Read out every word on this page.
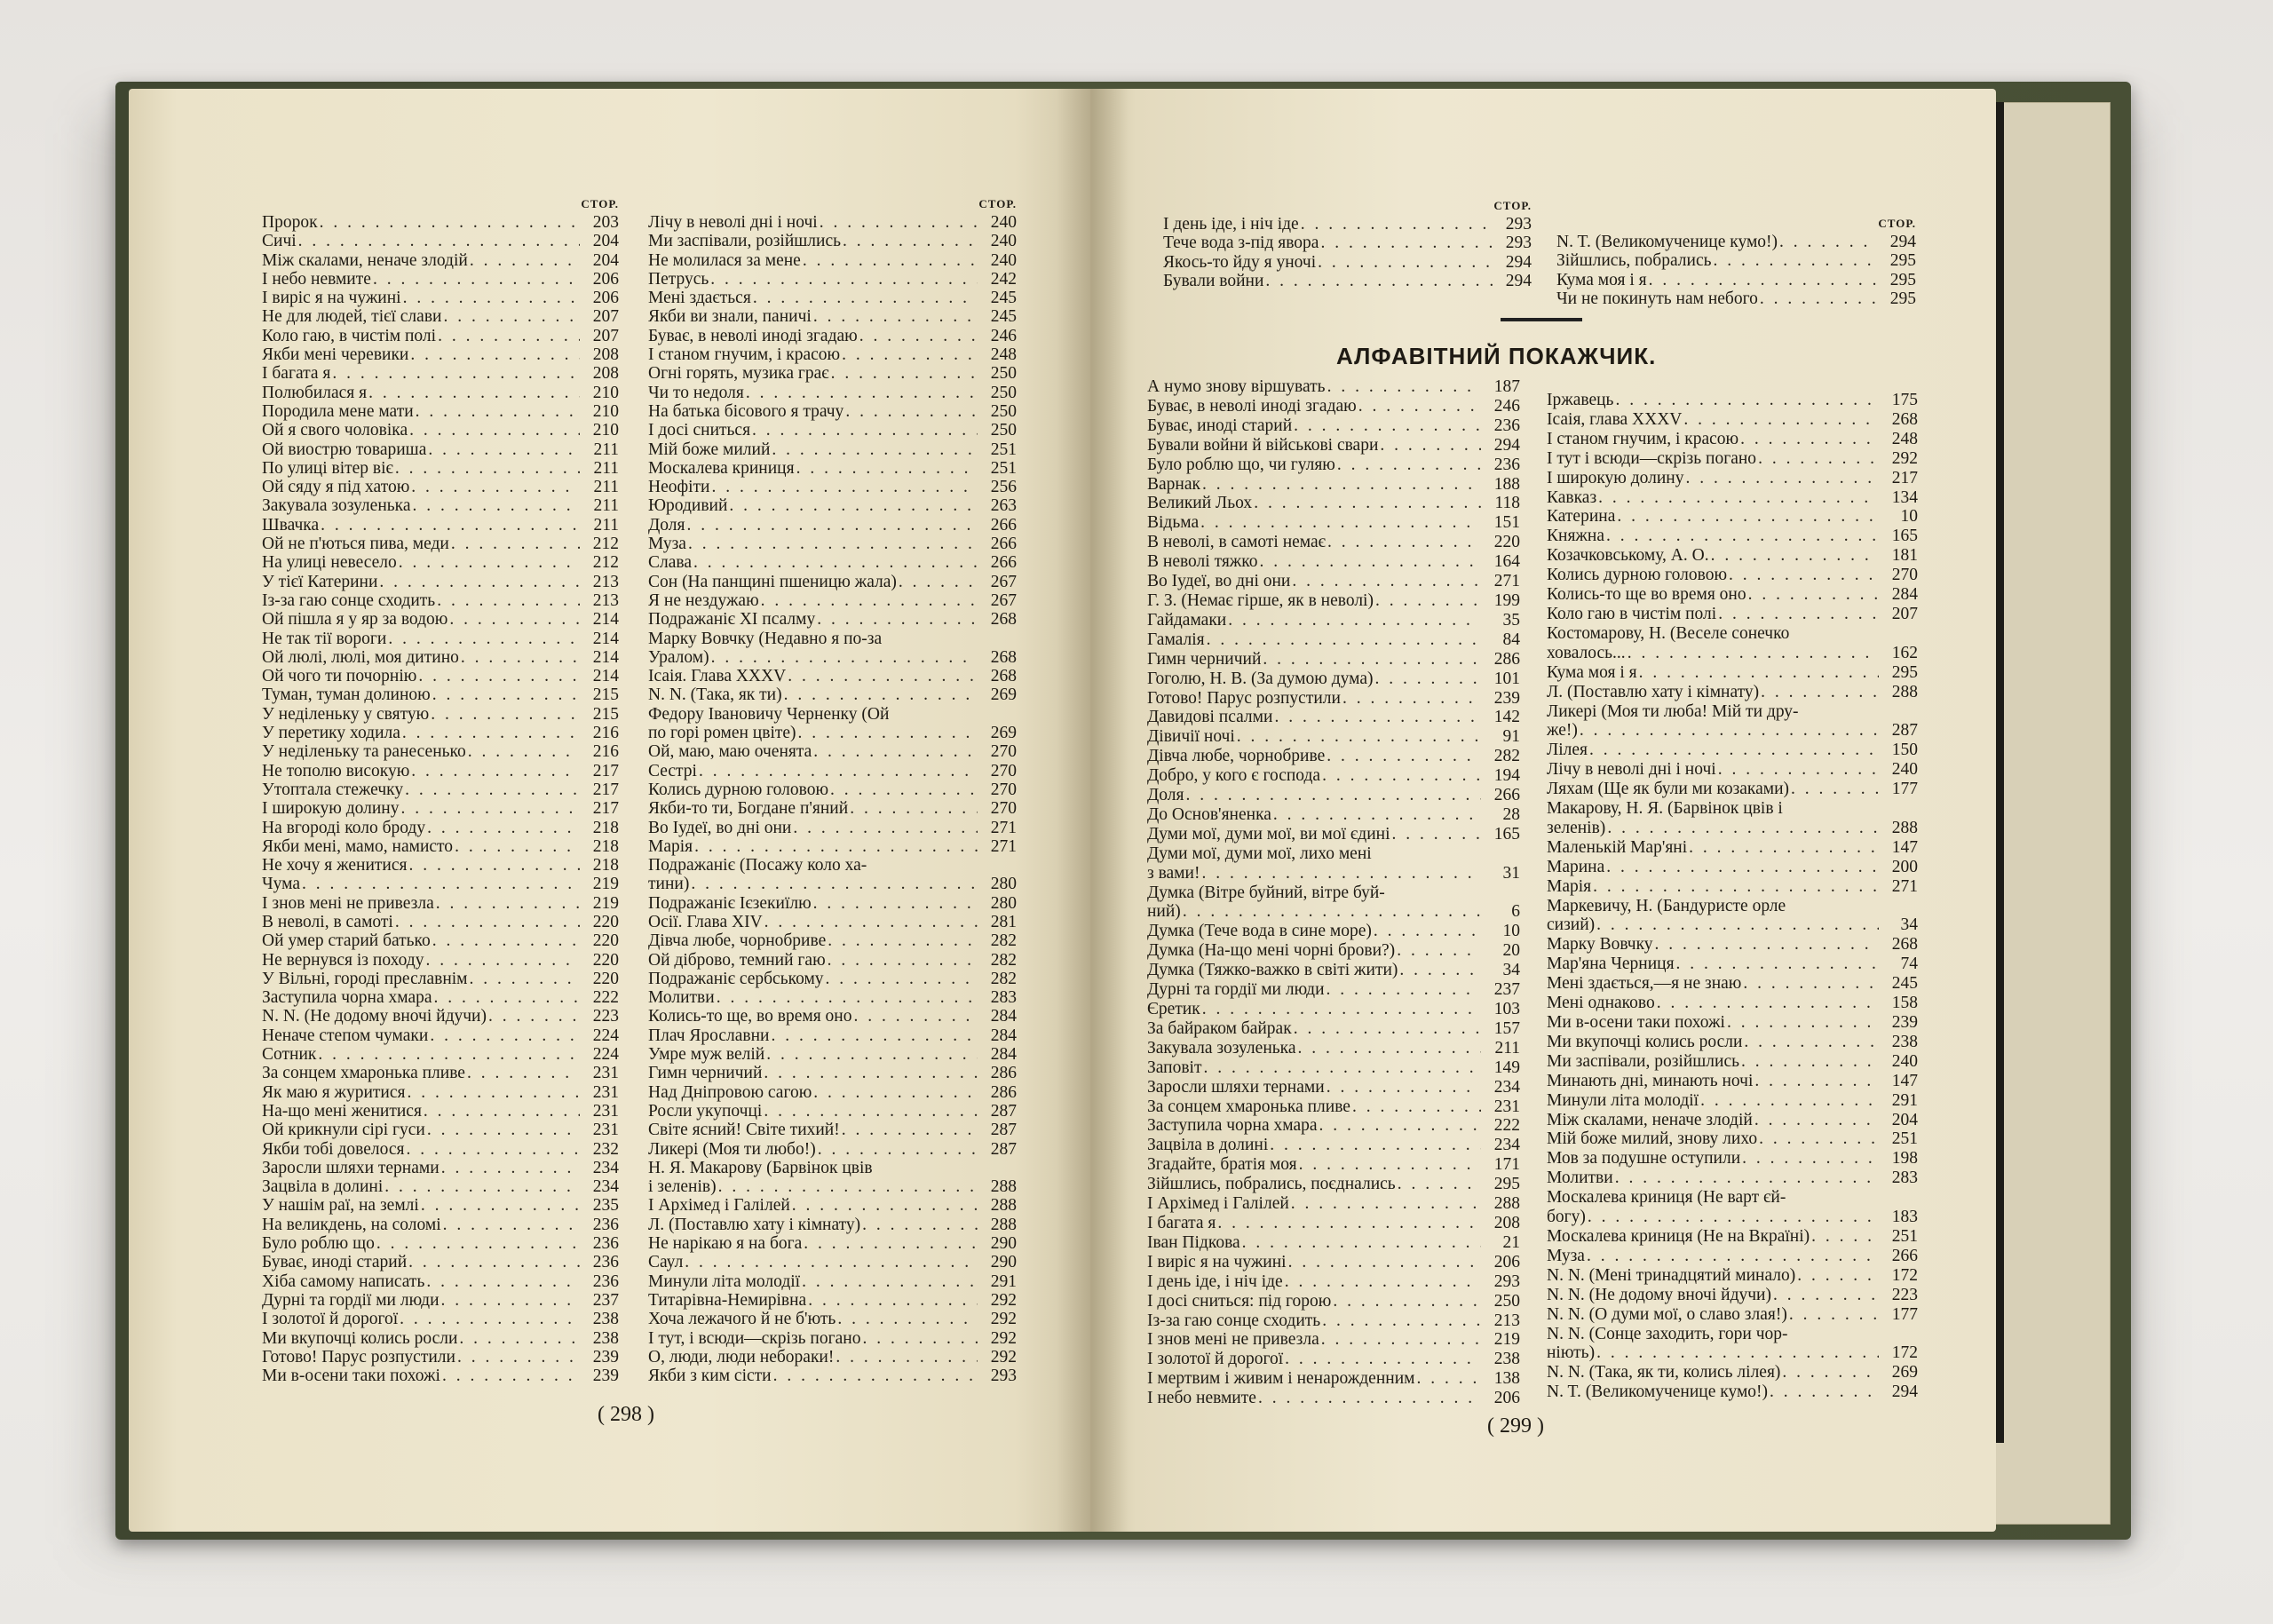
СТОР.
Пророк . . .	203
Сичі . . .	204
Між скалами, неначе злодій . . .	204
І небо невмите . . .	206
І виріс я на чужині . . .	206
Не для людей, тієї слави . . .	207
Коло гаю, в чистім полі . . .	207
Якби мені черевики . . .	208
І багата я . . .	208
Полюбилася я . . .	210
Породила мене мати . . .	210
Ой я свого чоловіка . . .	210
Ой виострю товариша . . .	211
По улиці вітер віє . . .	211
Ой сяду я під хатою . . .	211
Закувала зозуленька . . .	211
Швачка . . .	211
Ой не п'ються пива, меди . . .	212
На улиці невесело . . .	212
У тієї Катерини . . .	213
Із-за гаю сонце сходить . . .	213
Ой пішла я у яр за водою . . .	214
Не так тії вороги . . .	214
Ой люлі, люлі, моя дитино . . .	214
Ой чого ти почорнію . . .	214
Туман, туман долиною . . .	215
У неділеньку у святую . . .	215
У перетику ходила . . .	216
У неділеньку та ранесенько . . .	216
Не тополю високую . . .	217
Утоптала стежечку . . .	217
І широкую долину . . .	217
На вгороді коло броду . . .	218
Якби мені, мамо, намисто . . .	218
Не хочу я женитися . . .	218
Чума . . .	219
І знов мені не привезла . . .	219
В неволі, в самоті . . .	220
Ой умер старий батько . . .	220
Не вернувся із походу . . .	220
У Вільні, городі преславнім . . .	220
Заступила чорна хмара . . .	222
N. N. (Не додому вночі йдучи) . . .	223
Неначе степом чумаки . . .	224
Сотник . . .	224
За сонцем хмаронька пливе . . .	231
Як маю я журитися . . .	231
На-що мені женитися . . .	231
Ой крикнули сірі гуси . . .	231
Якби тобі довелося . . .	232
Заросли шляхи тернами . . .	234
Зацвіла в долині . . .	234
У нашім раї, на землі . . .	235
На великдень, на соломі . . .	236
Було роблю що . . .	236
Буває, иноді старий . . .	236
Хіба самому написать . . .	236
Дурні та гордії ми люди . . .	237
І золотої й дорогої . . .	238
Ми вкупочці колись росли . . .	238
Готово! Парус розпустили . . .	239
Ми в-осени таки похожі . . .	239
СТОР.
Лічу в неволі дні і ночі . . .	240
Ми заспівали, розійшлись . . .	240
Не молилася за мене . . .	240
Петрусь . . .	242
Мені здається . . .	245
Якби ви знали, паничі . . .	245
Буває, в неволі иноді згадаю . . .	246
І станом гнучим, і красою . . .	248
Огні горять, музика грає . . .	250
Чи то недоля . . .	250
На батька бісового я трачу . . .	250
І досі сниться . . .	250
Мій боже милий . . .	251
Москалева криниця . . .	251
Неофіти . . .	256
Юродивий . . .	263
Доля . . .	266
Муза . . .	266
Слава . . .	266
Сон (На панщині пшеницю жала) . . .	267
Я не нездужаю . . .	267
Подражаніє XI псалму . . .	268
Марку Вовчку (Недавно я по-за
Уралом) . . .	268
Ісаія. Глава XXXV . . .	268
N. N. (Така, як ти) . . .	269
Федору Івановичу Черненку (Ой
по горі ромен цвіте) . . .	269
Ой, маю, маю оченята . . .	270
Сестрі . . .	270
Колись дурною головою . . .	270
Якби-то ти, Богдане п'яний . . .	270
Во Іудеї, во дні они . . .	271
Марія . . .	271
Подражаніє (Посажу коло ха-
тини) . . .	280
Подражаніє Ієзекиїлю . . .	280
Осії. Глава XIV . . .	281
Дівча любе, чорнобриве . . .	282
Ой діброво, темний гаю . . .	282
Подражаніє сербському . . .	282
Молитви . . .	283
Колись-то ще, во время оно . . .	284
Плач Ярославни . . .	284
Умре муж велій . . .	284
Гимн черничий . . .	286
Над Дніпровою сагою . . .	286
Росли укупочці . . .	287
Світе ясний! Світе тихий! . . .	287
Ликері (Моя ти любо!) . . .	287
Н. Я. Макарову (Барвінок цвів
і зеленів) . . .	288
І Архімед і Галілей . . .	288
Л. (Поставлю хату і кімнату) . . .	288
Не нарікаю я на бога . . .	290
Саул . . .	290
Минули літа молодії . . .	291
Титарівна-Немирівна . . .	292
Хоча лежачого й не б'ють . . .	292
І тут, і всюди—скрізь погано . . .	292
О, люди, люди небораки! . . .	292
Якби з ким сісти . . .	293
( 298 )
СТОР.
І день іде, і ніч іде . . .	293
Тече вода з-під явора . . .	293
Якось-то йду я уночі . . .	294
Бували войни . . .	294
СТОР.
N. T. (Великомученице кумо!) . . .	294
Зійшлись, побрались . . .	295
Кума моя і я . . .	295
Чи не покинуть нам небого . . .	295
АЛФАВІТНИЙ ПОКАЖЧИК.
А нумо знову віршувать . . .	187
Буває, в неволі иноді згадаю . . .	246
Буває, иноді старий . . .	236
Бували войни й військові свари . . .	294
Було роблю що, чи гуляю . . .	236
Варнак . . .	188
Великий Льох . . .	118
Відьма . . .	151
В неволі, в самоті немає . . .	220
В неволі тяжко . . .	164
Во Іудеї, во дні они . . .	271
Г. З. (Немає гірше, як в неволі) . . .	199
Гайдамаки . . .	35
Гамалія . . .	84
Гимн черничий . . .	286
Гоголю, Н. В. (За думою дума) . . .	101
Готово! Парус розпустили . . .	239
Давидові псалми . . .	142
Дівичії ночі . . .	91
Дівча любе, чорнобриве . . .	282
Добро, у кого є господа . . .	194
Доля . . .	266
До Основ'яненка . . .	28
Думи мої, думи мої, ви мої єдині . . .	165
Думи мої, думи мої, лихо мені
з вами! . . .	31
Думка (Вітре буйний, вітре буй-
ний) . . .	6
Думка (Тече вода в сине море) . . .	10
Думка (На-що мені чорні брови?) . . .	20
Думка (Тяжко-важко в світі жити) . . .	34
Дурні та гордії ми люди . . .	237
Єретик . . .	103
За байраком байрак . . .	157
Закувала зозуленька . . .	211
Заповіт . . .	149
Заросли шляхи тернами . . .	234
За сонцем хмаронька пливе . . .	231
Заступила чорна хмара . . .	222
Зацвіла в долині . . .	234
Згадайте, братія моя . . .	171
Зійшлись, побрались, поєднались . . .	295
І Архімед і Галілей . . .	288
І багата я . . .	208
Іван Підкова . . .	21
І виріс я на чужині . . .	206
І день іде, і ніч іде . . .	293
І досі сниться: під горою . . .	250
Із-за гаю сонце сходить . . .	213
І знов мені не привезла . . .	219
І золотої й дорогої . . .	238
І мертвим і живим і ненарожденним . . .	138
І небо невмите . . .	206
Іржавець . . .	175
Ісаія, глава XXXV . . .	268
І станом гнучим, і красою . . .	248
І тут і всюди—скрізь погано . . .	292
І широкую долину . . .	217
Кавказ . . .	134
Катерина . . .	10
Княжна . . .	165
Козачковському, А. О. . . .	181
Колись дурною головою . . .	270
Колись-то ще во время оно . . .	284
Коло гаю в чистім полі . . .	207
Костомарову, Н. (Веселе сонечко
ховалось... . . .	162
Кума моя і я . . .	295
Л. (Поставлю хату і кімнату) . . .	288
Ликері (Моя ти люба! Мій ти дру-
же!) . . .	287
Лілея . . .	150
Лічу в неволі дні і ночі . . .	240
Ляхам (Ще як були ми козаками) . . .	177
Макарову, Н. Я. (Барвінок цвів і
зеленів) . . .	288
Маленькій Мар'яні . . .	147
Марина . . .	200
Марія . . .	271
Маркевичу, Н. (Бандуристе орле
сизий) . . .	34
Марку Вовчку . . .	268
Мар'яна Черниця . . .	74
Мені здається,—я не знаю . . .	245
Мені однаково . . .	158
Ми в-осени таки похожі . . .	239
Ми вкупочці колись росли . . .	238
Ми заспівали, розійшлись . . .	240
Минають дні, минають ночі . . .	147
Минули літа молодії . . .	291
Між скалами, неначе злодій . . .	204
Мій боже милий, знову лихо . . .	251
Мов за подушне оступили . . .	198
Молитви . . .	283
Москалева криниця (Не варт єй-
богу) . . .	183
Москалева криниця (Не на Вкраїні) . . .	251
Муза . . .	266
N. N. (Мені тринадцятий минало) . . .	172
N. N. (Не додому вночі йдучи) . . .	223
N. N. (О думи мої, о славо злая!) . . .	177
N. N. (Сонце заходить, гори чор-
ніють) . . .	172
N. N. (Така, як ти, колись лілея) . . .	269
N. T. (Великомученице кумо!) . . .	294
( 299 )
